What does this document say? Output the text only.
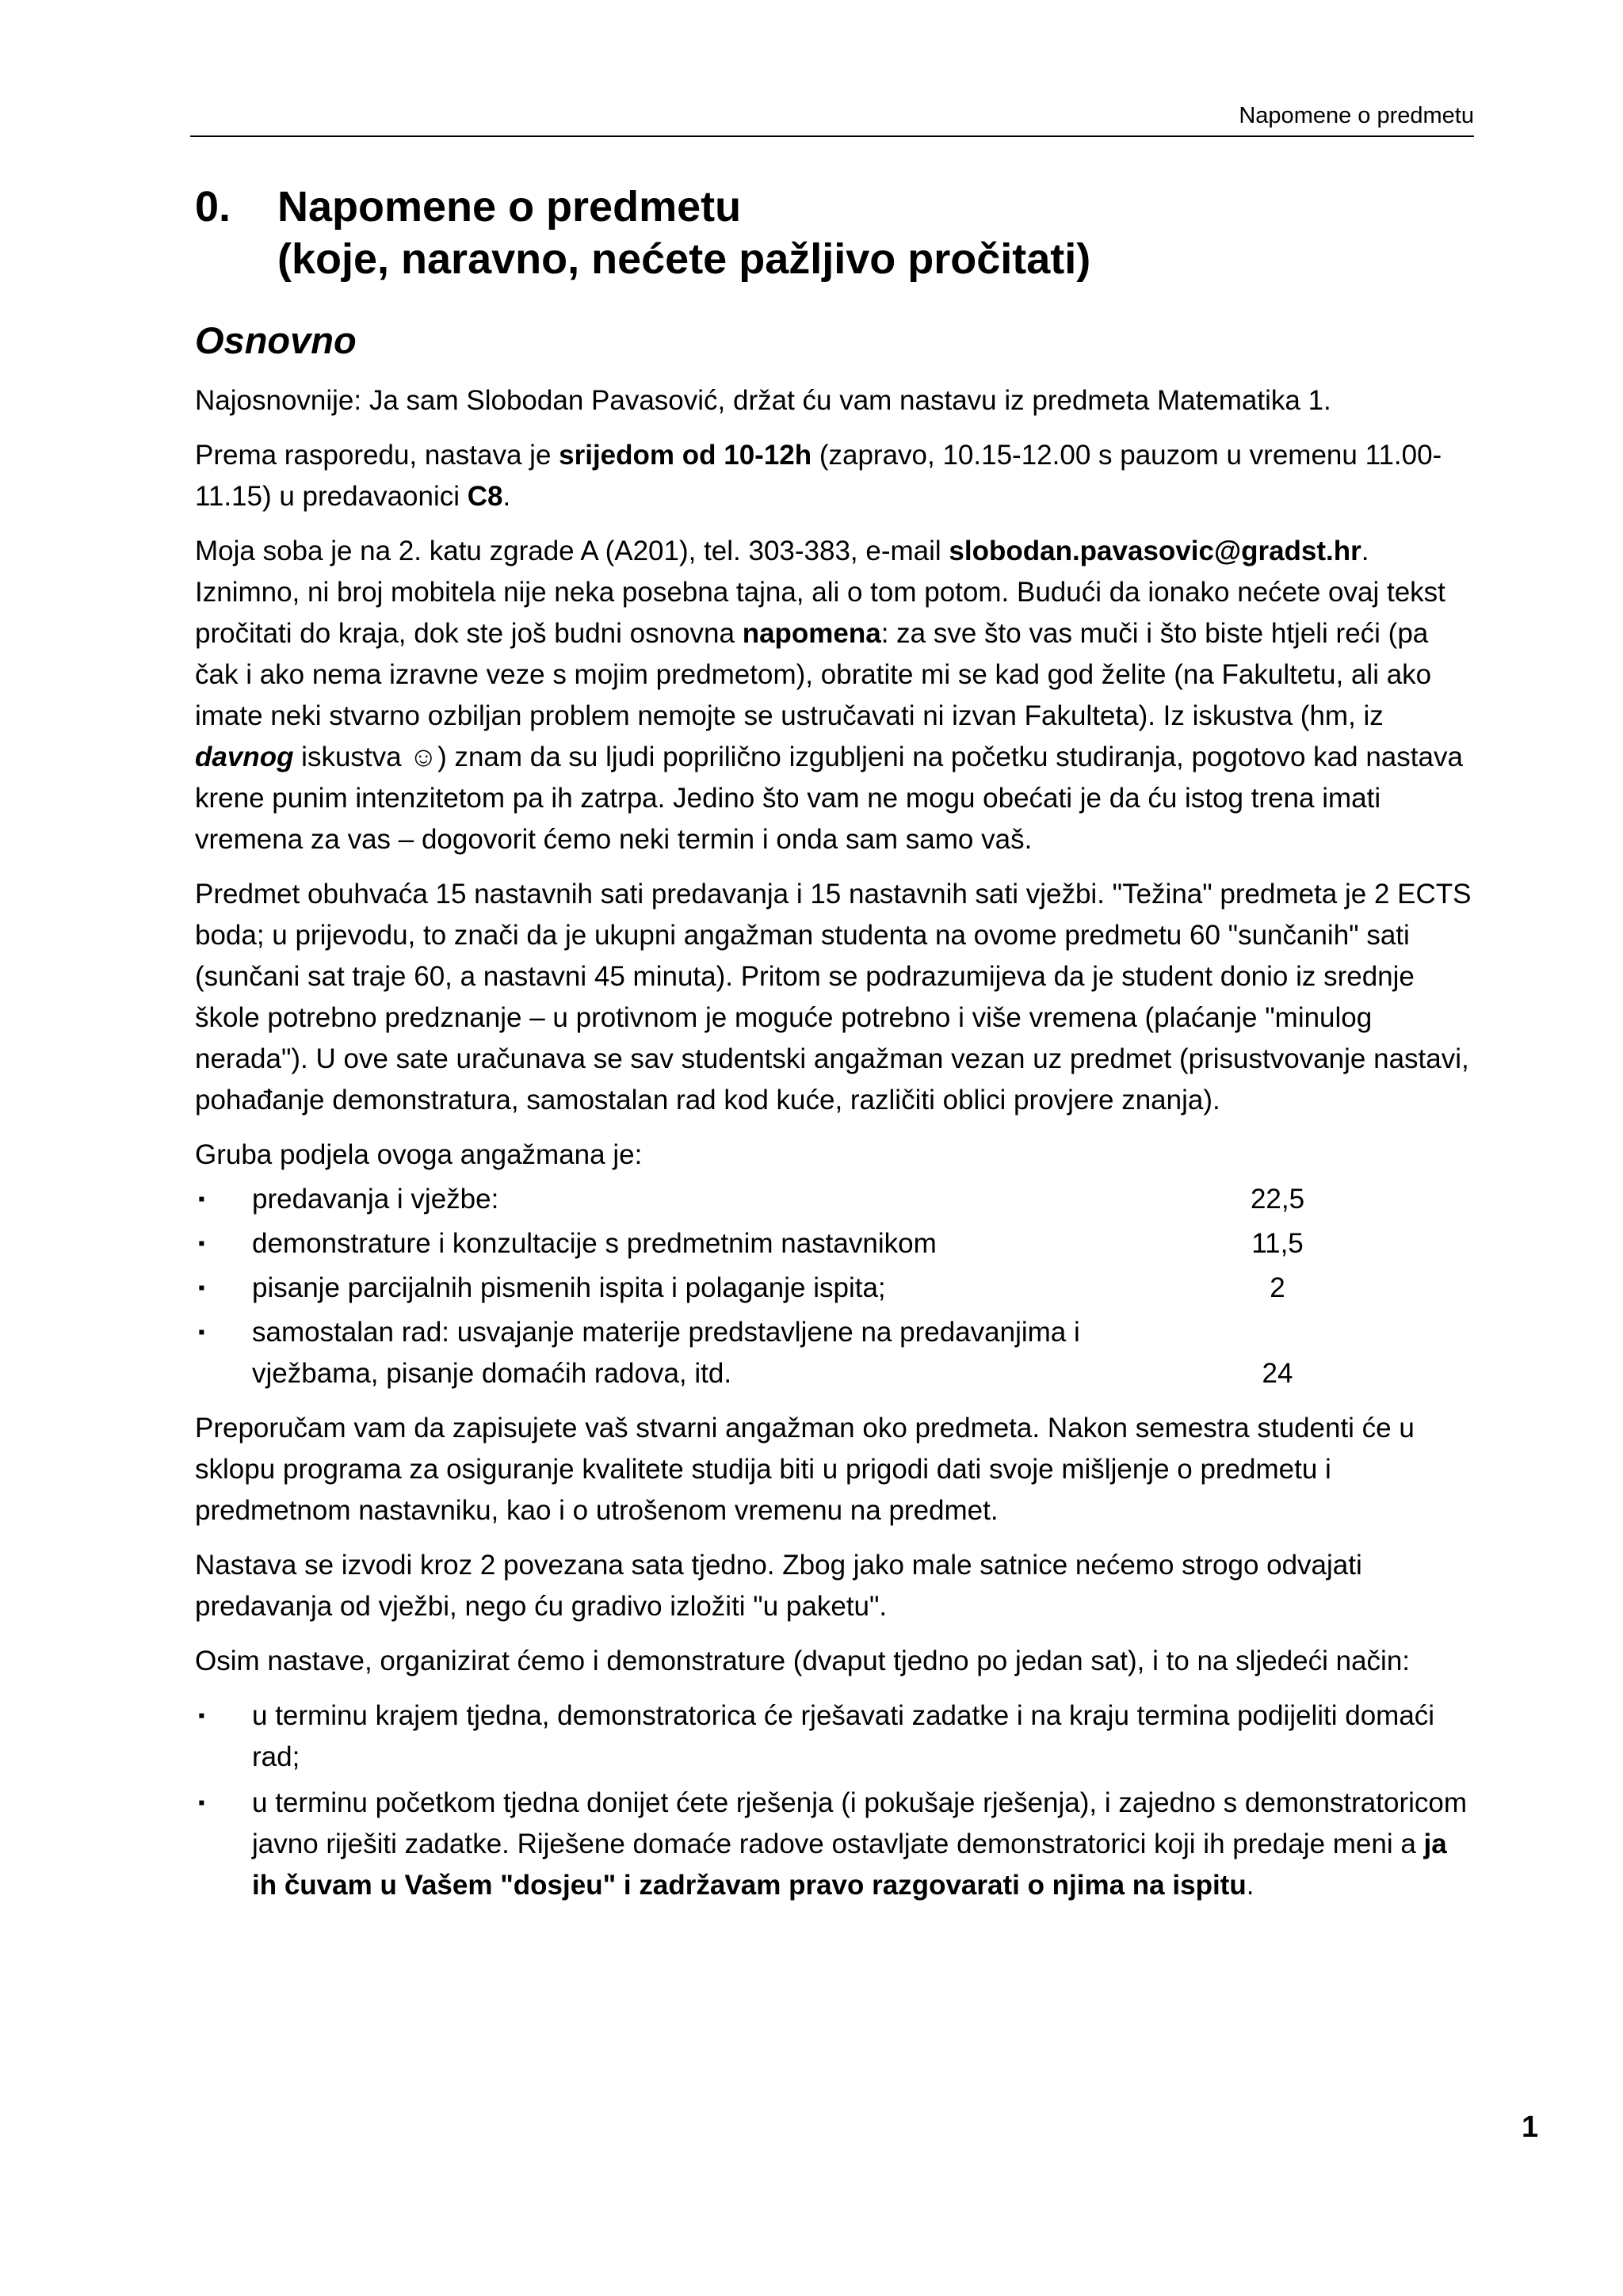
Napomene o predmetu
0. Napomene o predmetu
(koje, naravno, nećete pažljivo pročitati)
Osnovno

Najosnovnije: Ja sam Slobodan Pavasović, držat ću vam nastavu iz predmeta Matematika 1.

Prema rasporedu, nastava je srijedom od 10-12h (zapravo, 10.15-12.00 s pauzom u vremenu 11.00-11.15) u predavaonici C8.

Moja soba je na 2. katu zgrade A (A201), tel. 303-383, e-mail slobodan.pavasovic@gradst.hr. Iznimno, ni broj mobitela nije neka posebna tajna, ali o tom potom. Budući da ionako nećete ovaj tekst pročitati do kraja, dok ste još budni osnovna napomena: za sve što vas muči i što biste htjeli reći (pa čak i ako nema izravne veze s mojim predmetom), obratite mi se kad god želite (na Fakultetu, ali ako imate neki stvarno ozbiljan problem nemojte se ustručavati ni izvan Fakulteta). Iz iskustva (hm, iz davnog iskustva ☺) znam da su ljudi poprilično izgubljeni na početku studiranja, pogotovo kad nastava krene punim intenzitetom pa ih zatrpa. Jedino što vam ne mogu obećati je da ću istog trena imati vremena za vas – dogovorit ćemo neki termin i onda sam samo vaš.

Predmet obuhvaća 15 nastavnih sati predavanja i 15 nastavnih sati vježbi. "Težina" predmeta je 2 ECTS boda; u prijevodu, to znači da je ukupni angažman studenta na ovome predmetu 60 "sunčanih" sati (sunčani sat traje 60, a nastavni 45 minuta). Pritom se podrazumijeva da je student donio iz srednje škole potrebno predznanje – u protivnom je moguće potrebno i više vremena (plaćanje "minulog nerada"). U ove sate uračunava se sav studentski angažman vezan uz predmet (prisustvovanje nastavi, pohađanje demonstratura, samostalan rad kod kuće, različiti oblici provjere znanja).

Gruba podjela ovoga angažmana je:

▪ predavanja i vježbe:	22,5
▪ demonstrature i konzultacije s predmetnim nastavnikom	11,5
▪ pisanje parcijalnih pismenih ispita i polaganje ispita;	2
▪ samostalan rad: usvajanje materije predstavljene na predavanjima i vježbama, pisanje domaćih radova, itd.	24

Preporučam vam da zapisujete vaš stvarni angažman oko predmeta. Nakon semestra studenti će u sklopu programa za osiguranje kvalitete studija biti u prigodi dati svoje mišljenje o predmetu i predmetnom nastavniku, kao i o utrošenom vremenu na predmet.

Nastava se izvodi kroz 2 povezana sata tjedno. Zbog jako male satnice nećemo strogo odvajati predavanja od vježbi, nego ću gradivo izložiti "u paketu".

Osim nastave, organizirat ćemo i demonstrature (dvaput tjedno po jedan sat), i to na sljedeći način:

▪ u terminu krajem tjedna, demonstratorica će rješavati zadatke i na kraju termina podijeliti domaći rad;
▪ u terminu početkom tjedna donijet ćete rješenja (i pokušaje rješenja), i zajedno s demonstratoricom javno riješiti zadatke. Riješene domaće radove ostavljate demonstratorici koji ih predaje meni a ja ih čuvam u Vašem "dosjeu" i zadržavam pravo razgovarati o njima na ispitu.
1
